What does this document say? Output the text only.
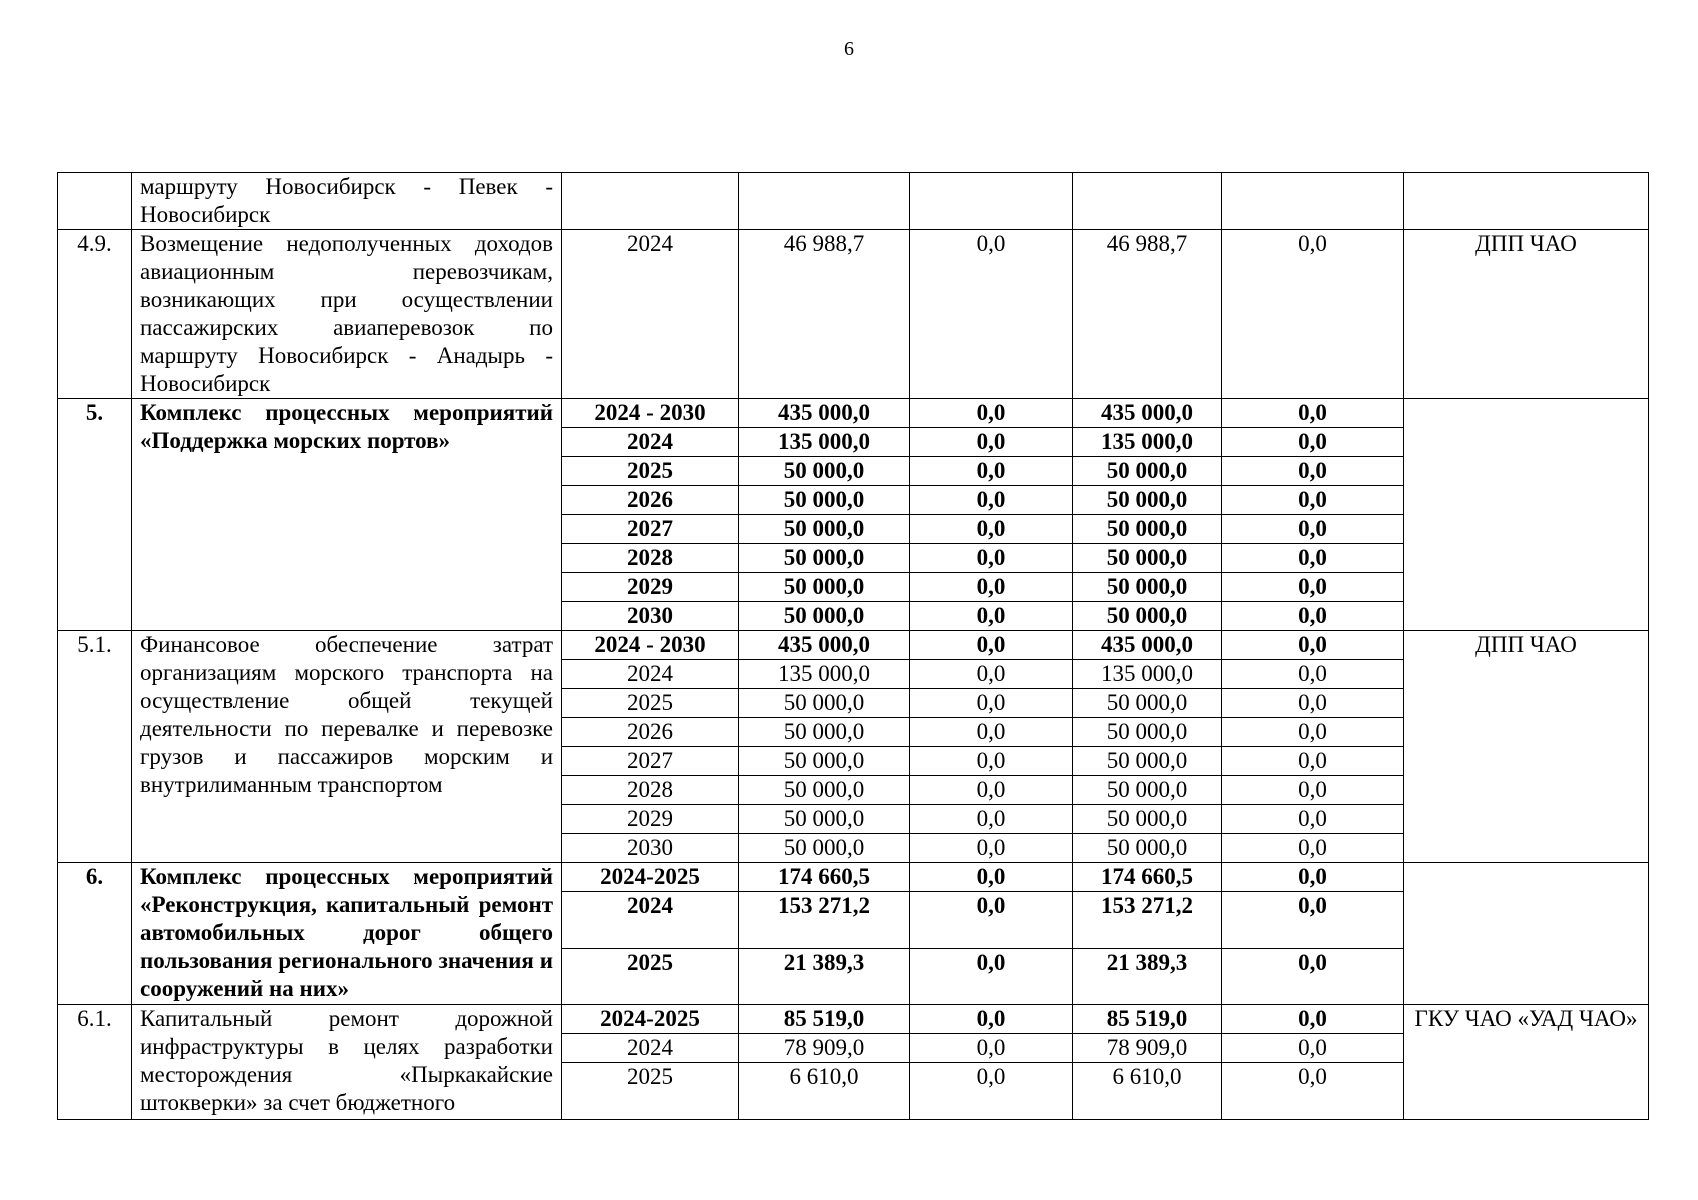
6
	маршруту Новосибирск - Певек - Новосибирск						
4.9.	Возмещение недополученных доходов авиационным перевозчикам, возникающих при осуществлении пассажирских авиаперевозок по маршруту Новосибирск - Анадырь - Новосибирск	2024	46 988,7	0,0	46 988,7	0,0	ДПП ЧАО
5.	Комплекс процессных мероприятий «Поддержка морских портов»	2024 - 2030	435 000,0	0,0	435 000,0	0,0	
		2024	135 000,0	0,0	135 000,0	0,0	
		2025	50 000,0	0,0	50 000,0	0,0	
		2026	50 000,0	0,0	50 000,0	0,0	
		2027	50 000,0	0,0	50 000,0	0,0	
		2028	50 000,0	0,0	50 000,0	0,0	
		2029	50 000,0	0,0	50 000,0	0,0	
		2030	50 000,0	0,0	50 000,0	0,0	
5.1.	Финансовое обеспечение затрат организациям морского транспорта на осуществление общей текущей деятельности по перевалке и перевозке грузов и пассажиров морским и внутрилиманным транспортом	2024 - 2030	435 000,0	0,0	435 000,0	0,0	ДПП ЧАО
		2024	135 000,0	0,0	135 000,0	0,0	
		2025	50 000,0	0,0	50 000,0	0,0	
		2026	50 000,0	0,0	50 000,0	0,0	
		2027	50 000,0	0,0	50 000,0	0,0	
		2028	50 000,0	0,0	50 000,0	0,0	
		2029	50 000,0	0,0	50 000,0	0,0	
		2030	50 000,0	0,0	50 000,0	0,0	
6.	Комплекс процессных мероприятий «Реконструкция, капитальный ремонт автомобильных дорог общего пользования регионального значения и сооружений на них»	2024-2025	174 660,5	0,0	174 660,5	0,0	
		2024	153 271,2	0,0	153 271,2	0,0	
		2025	21 389,3	0,0	21 389,3	0,0	
6.1.	Капитальный ремонт дорожной инфраструктуры в целях разработки месторождения «Пыркакайские штокверки» за счет бюджетного	2024-2025	85 519,0	0,0	85 519,0	0,0	ГКУ ЧАО «УАД ЧАО»
		2024	78 909,0	0,0	78 909,0	0,0	
		2025	6 610,0	0,0	6 610,0	0,0	
